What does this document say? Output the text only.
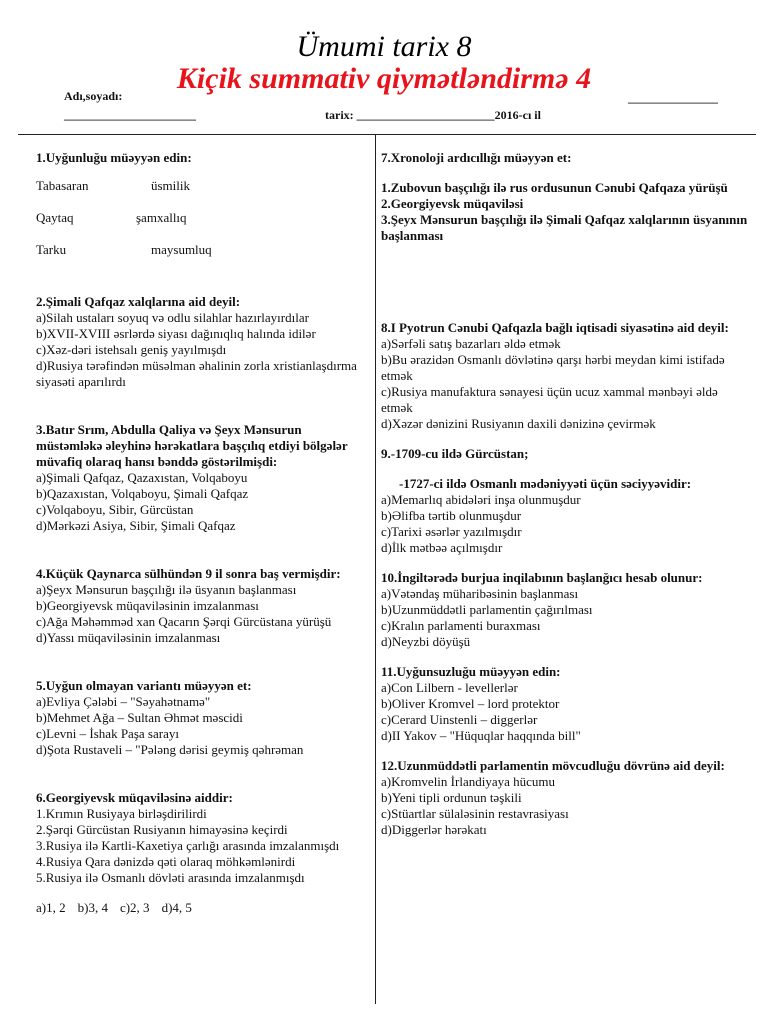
Ümumi tarix 8
Kiçik summativ qiymətləndirmə 4
Adı,soyadı:
______________________	tarix: _______________________2016-cı il
_______________
1.Uyğunluğu müəyyən edin:
Tabasaran	üsmilik
Qaytaq	şamxallıq
Tarku	maysumluq
2.Şimali Qafqaz xalqlarına aid deyil:
a)Silah ustaları soyuq və odlu silahlar hazırlayırdılar
b)XVII-XVIII əsrlərdə siyası dağınıqlıq halında idilər
c)Xəz-dəri istehsalı geniş yayılmışdı
d)Rusiya tərəfindən müsəlman əhalinin zorla xristianlaşdırma siyasəti aparılırdı
3.Batır Srım, Abdulla Qaliya və Şeyx Mənsurun müstəmləkə əleyhinə hərəkatlara başçılıq etdiyi bölgələr müvafiq olaraq hansı bənddə göstərilmişdi:
a)Şimali Qafqaz, Qazaxıstan, Volqaboyu
b)Qazaxıstan, Volqaboyu, Şimali Qafqaz
c)Volqaboyu, Sibir, Gürcüstan
d)Mərkəzi Asiya, Sibir, Şimali Qafqaz
4.Küçük Qaynarca sülhündən 9 il sonra baş vermişdir:
a)Şeyx Mənsurun başçılığı ilə üsyanın başlanması
b)Georgiyevsk müqaviləsinin imzalanması
c)Ağa Məhəmməd xan Qacarın Şərqi Gürcüstana yürüşü
d)Yassı müqaviləsinin imzalanması
5.Uyğun olmayan variantı müəyyən et:
a)Evliya Çələbi – "Səyahətnamə"
b)Mehmet Ağa – Sultan Əhmət məscidi
c)Levni – İshak Paşa sarayı
d)Şota Rustaveli – "Pələng dərisi geymiş qəhrəman
6.Georgiyevsk müqaviləsinə aiddir:
1.Krımın Rusiyaya birləşdirilirdi
2.Şərqi Gürcüstan Rusiyanın himayəsinə keçirdi
3.Rusiya ilə Kartli-Kaxetiya çarlığı arasında imzalanmışdı
4.Rusiya Qara dənizdə qəti olaraq möhkəmlənirdi
5.Rusiya ilə Osmanlı dövləti arasında imzalanmışdı
a)1, 2 b)3, 4 c)2, 3 d)4, 5
7.Xronoloji ardıcıllığı müəyyən et:
1.Zubovun başçılığı ilə rus ordusunun Cənubi Qafqaza yürüşü
2.Georgiyevsk müqaviləsi
3.Şeyx Mənsurun başçılığı ilə Şimali Qafqaz xalqlarının üsyanının başlanması
8.I Pyotrun Cənubi Qafqazla bağlı iqtisadi siyasətinə aid deyil:
a)Sərfəli satış bazarları əldə etmək
b)Bu ərazidən Osmanlı dövlətinə qarşı hərbi meydan kimi istifadə etmək
c)Rusiya manufaktura sənayesi üçün ucuz xammal mənbəyi əldə etmək
d)Xəzər dənizini Rusiyanın daxili dənizinə çevirmək
9.-1709-cu ildə Gürcüstan;
-1727-ci ildə Osmanlı mədəniyyəti üçün səciyyəvidir:
a)Memarlıq abidələri inşa olunmuşdur
b)Əlifba tərtib olunmuşdur
c)Tarixi əsərlər yazılmışdır
d)İlk mətbəə açılmışdır
10.İngiltərədə burjua inqilabının başlanğıcı hesab olunur:
a)Vətəndaş müharibəsinin başlanması
b)Uzunmüddətli parlamentin çağırılması
c)Kralın parlamenti buraxması
d)Neyzbi döyüşü
11.Uyğunsuzluğu müəyyən edin:
a)Con Lilbern - levellerlər
b)Oliver Kromvel – lord protektor
c)Cerard Uinstenli – diggerlər
d)II Yakov – "Hüquqlar haqqında bill"
12.Uzunmüddətli parlamentin mövcudluğu dövrünə aid deyil:
a)Kromvelin İrlandiyaya hücumu
b)Yeni tipli ordunun təşkili
c)Stüartlar sülaləsinin restavrasiyası
d)Diggerlər hərəkatı
